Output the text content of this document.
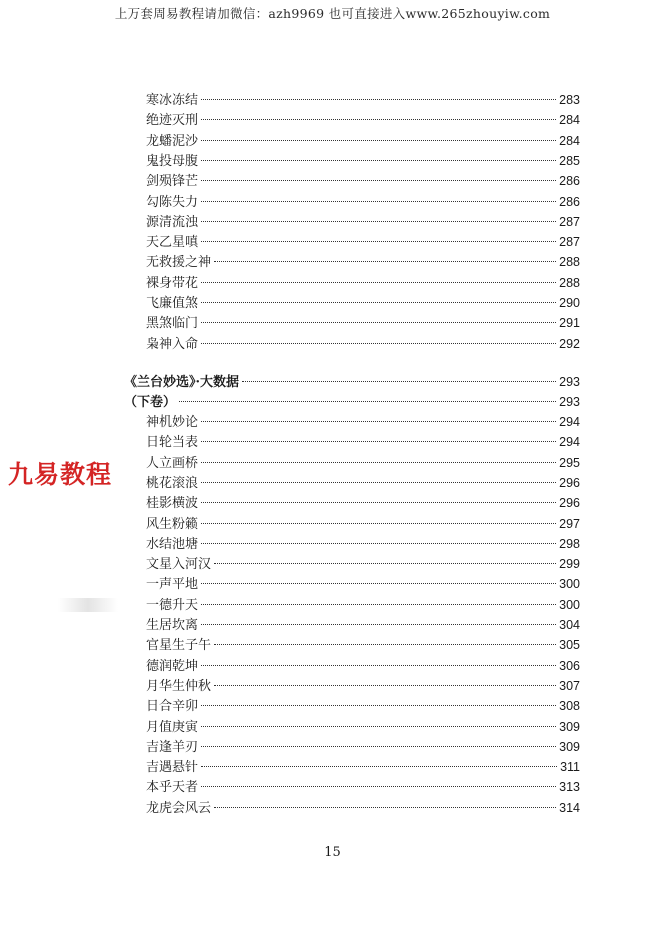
上万套周易教程请加微信：azh9969 也可直接进入www.265zhouyiw.com
九易教程
寒冰冻结	283
绝迹灭刑	284
龙蟠泥沙	284
鬼投母腹	285
剑殒锋芒	286
勾陈失力	286
源清流浊	287
天乙星嗔	287
无救援之神	288
裸身带花	288
飞廉值煞	290
黑煞临门	291
枭神入命	292
《兰台妙选》·大数据	293
（下卷）	293
神机妙论	294
日轮当表	294
人立画桥	295
桃花滚浪	296
桂影横波	296
风生粉籁	297
水结池塘	298
文星入河汉	299
一声平地	300
一德升天	300
生居坎离	304
官星生子午	305
德润乾坤	306
月华生仲秋	307
日合辛卯	308
月值庚寅	309
吉逢羊刃	309
吉遇悬针	311
本乎天者	313
龙虎会风云	314
15
